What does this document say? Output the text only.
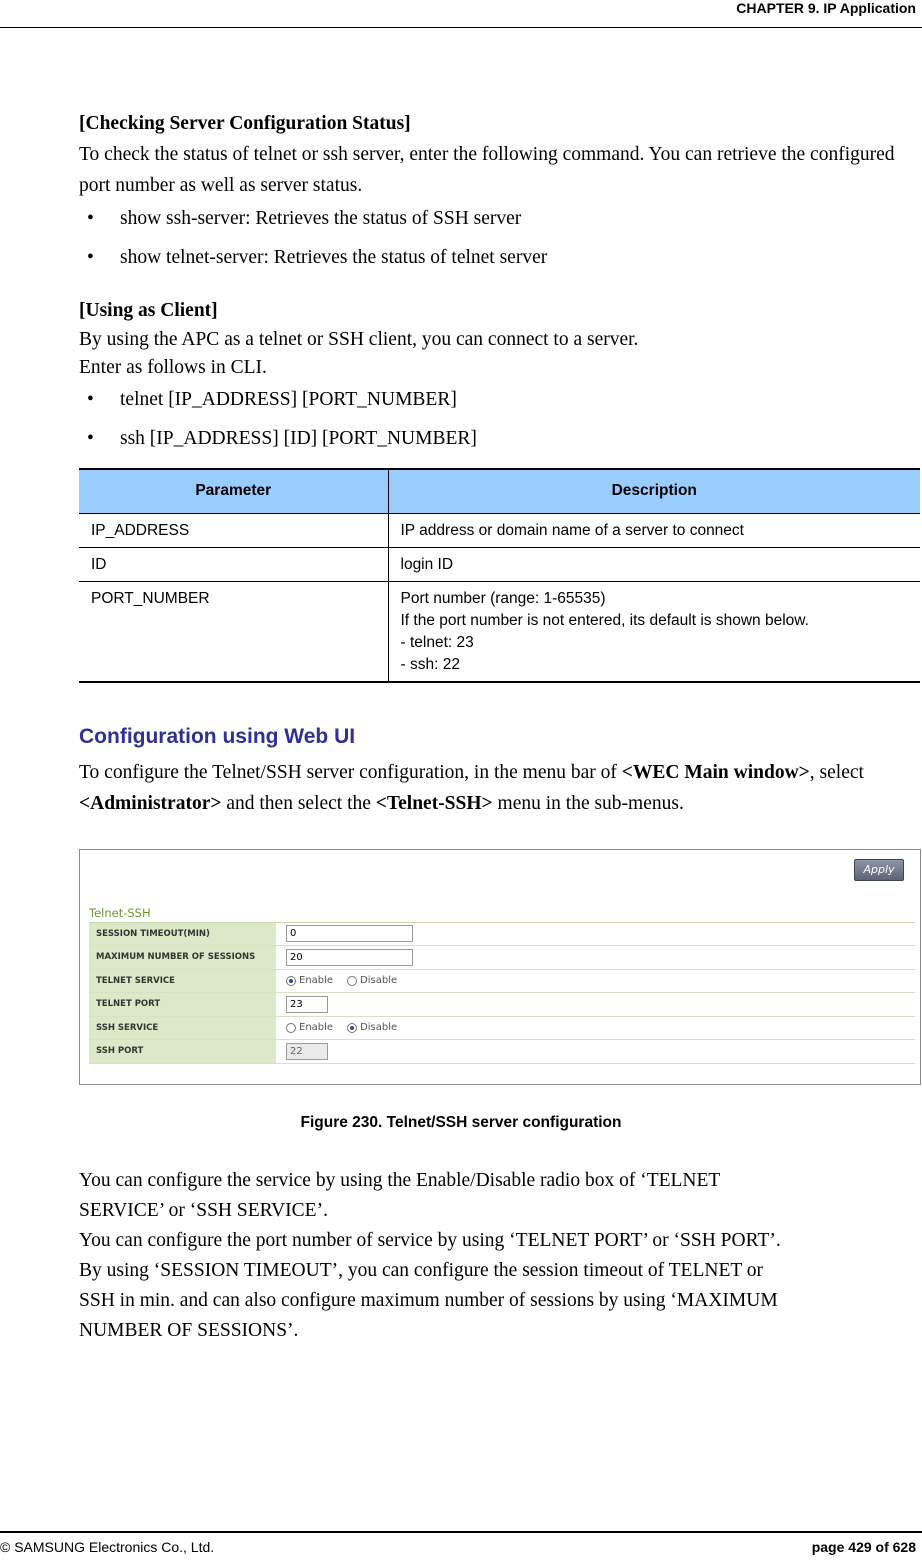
CHAPTER 9. IP Application
[Checking Server Configuration Status]
To check the status of telnet or ssh server, enter the following command. You can retrieve the configured port number as well as server status.
• show ssh-server: Retrieves the status of SSH server
• show telnet-server: Retrieves the status of telnet server
[Using as Client]
By using the APC as a telnet or SSH client, you can connect to a server.
Enter as follows in CLI.
• telnet [IP_ADDRESS] [PORT_NUMBER]
• ssh [IP_ADDRESS] [ID] [PORT_NUMBER]
Parameter	Description
IP_ADDRESS	IP address or domain name of a server to connect
ID	login ID
PORT_NUMBER	Port number (range: 1-65535)
If the port number is not entered, its default is shown below.
- telnet: 23
- ssh: 22
Configuration using Web UI
To configure the Telnet/SSH server configuration, in the menu bar of <WEC Main window>, select <Administrator> and then select the <Telnet-SSH> menu in the sub-menus.
Apply
Telnet-SSH
SESSION TIMEOUT(MIN)	0
MAXIMUM NUMBER OF SESSIONS	20
TELNET SERVICE	Enable	Disable
TELNET PORT	23
SSH SERVICE	Enable	Disable
SSH PORT	22
Figure 230. Telnet/SSH server configuration
You can configure the service by using the Enable/Disable radio box of ‘TELNET
SERVICE’ or ‘SSH SERVICE’.
You can configure the port number of service by using ‘TELNET PORT’ or ‘SSH PORT’.
By using ‘SESSION TIMEOUT’, you can configure the session timeout of TELNET or
SSH in min. and can also configure maximum number of sessions by using ‘MAXIMUM
NUMBER OF SESSIONS’.
© SAMSUNG Electronics Co., Ltd.	page 429 of 628
